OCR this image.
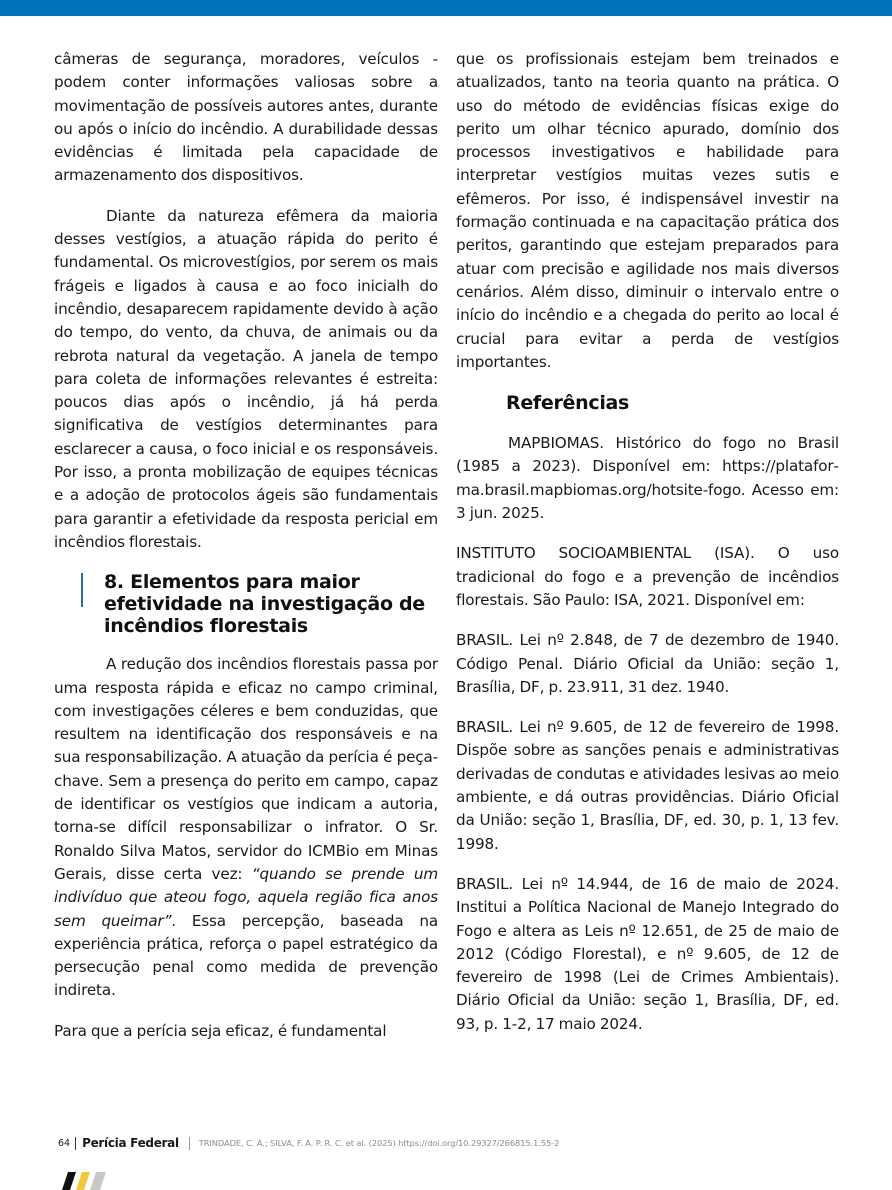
câmeras de segurança, moradores, veículos - podem conter informações valiosas sobre a movimentação de possíveis autores antes, durante ou após o início do incêndio. A durabilidade dessas evidências é limitada pela capacidade de armazenamento dos dispositivos.

Diante da natureza efêmera da maioria desses vestígios, a atuação rápida do perito é fundamental. Os microvestígios, por serem os mais frágeis e ligados à causa e ao foco inicialh do incêndio, desaparecem rapidamente devido à ação do tempo, do vento, da chuva, de animais ou da rebrota natural da vegetação. A janela de tempo para coleta de informações relevantes é estreita: poucos dias após o incêndio, já há perda significativa de vestígios determinantes para esclarecer a causa, o foco inicial e os responsáveis. Por isso, a pronta mobilização de equipes técnicas e a adoção de protocolos ágeis são fundamentais para garantir a efetividade da resposta pericial em incêndios florestais.

8. Elementos para maior efetividade na investigação de incêndios florestais

A redução dos incêndios florestais passa por uma resposta rápida e eficaz no campo criminal, com investigações céleres e bem conduzidas, que resultem na identificação dos responsáveis e na sua responsabilização. A atuação da perícia é peça-chave. Sem a presença do perito em campo, capaz de identificar os vestígios que indicam a autoria, torna-se difícil responsabilizar o infrator. O Sr. Ronaldo Silva Matos, servidor do ICMBio em Minas Gerais, disse certa vez: “quando se prende um indivíduo que ateou fogo, aquela região fica anos sem queimar”. Essa percepção, baseada na experiência prática, reforça o papel estratégico da persecução penal como medida de prevenção indireta.

Para que a perícia seja eficaz, é fundamental

que os profissionais estejam bem treinados e atualizados, tanto na teoria quanto na prática. O uso do método de evidências físicas exige do perito um olhar técnico apurado, domínio dos processos investigativos e habilidade para interpretar vestígios muitas vezes sutis e efêmeros. Por isso, é indispensável investir na formação continuada e na capacitação prática dos peritos, garantindo que estejam preparados para atuar com precisão e agilidade nos mais diversos cenários. Além disso, diminuir o intervalo entre o início do incêndio e a chegada do perito ao local é crucial para evitar a perda de vestígios importantes.

Referências

MAPBIOMAS. Histórico do fogo no Brasil (1985 a 2023). Disponível em: https://plataforma.brasil.mapbiomas.org/hotsite-fogo. Acesso em: 3 jun. 2025.

INSTITUTO SOCIOAMBIENTAL (ISA). O uso tradicional do fogo e a prevenção de incêndios florestais. São Paulo: ISA, 2021. Disponível em:

BRASIL. Lei nº 2.848, de 7 de dezembro de 1940. Código Penal. Diário Oficial da União: seção 1, Brasília, DF, p. 23.911, 31 dez. 1940.

BRASIL. Lei nº 9.605, de 12 de fevereiro de 1998. Dispõe sobre as sanções penais e administrativas derivadas de condutas e atividades lesivas ao meio ambiente, e dá outras providências. Diário Oficial da União: seção 1, Brasília, DF, ed. 30, p. 1, 13 fev. 1998.

BRASIL. Lei nº 14.944, de 16 de maio de 2024. Institui a Política Nacional de Manejo Integrado do Fogo e altera as Leis nº 12.651, de 25 de maio de 2012 (Código Florestal), e nº 9.605, de 12 de fevereiro de 1998 (Lei de Crimes Ambientais). Diário Oficial da União: seção 1, Brasília, DF, ed. 93, p. 1-2, 17 maio 2024.

64 Perícia Federal TRINDADE, C. A.; SILVA, F. A. P. R. C. et al. (2025) https://doi.org/10.29327/266815.1.55-2
